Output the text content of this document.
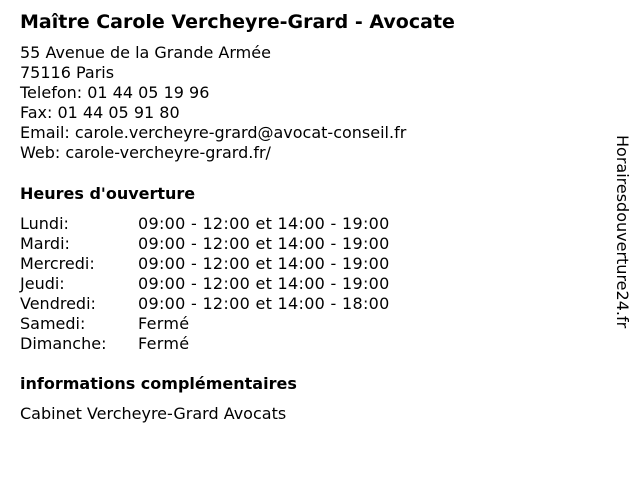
Maître Carole Vercheyre-Grard - Avocate
55 Avenue de la Grande Armée
75116 Paris
Telefon: 01 44 05 19 96
Fax: 01 44 05 91 80
Email: carole.vercheyre-grard@avocat-conseil.fr
Web: carole-vercheyre-grard.fr/
Heures d'ouverture
Lundi:	09:00 - 12:00 et 14:00 - 19:00
Mardi:	09:00 - 12:00 et 14:00 - 19:00
Mercredi:	09:00 - 12:00 et 14:00 - 19:00
Jeudi:	09:00 - 12:00 et 14:00 - 19:00
Vendredi:	09:00 - 12:00 et 14:00 - 18:00
Samedi:	Fermé
Dimanche: Fermé
informations complémentaires
Cabinet Vercheyre-Grard Avocats
Horairesdouverture24.fr
